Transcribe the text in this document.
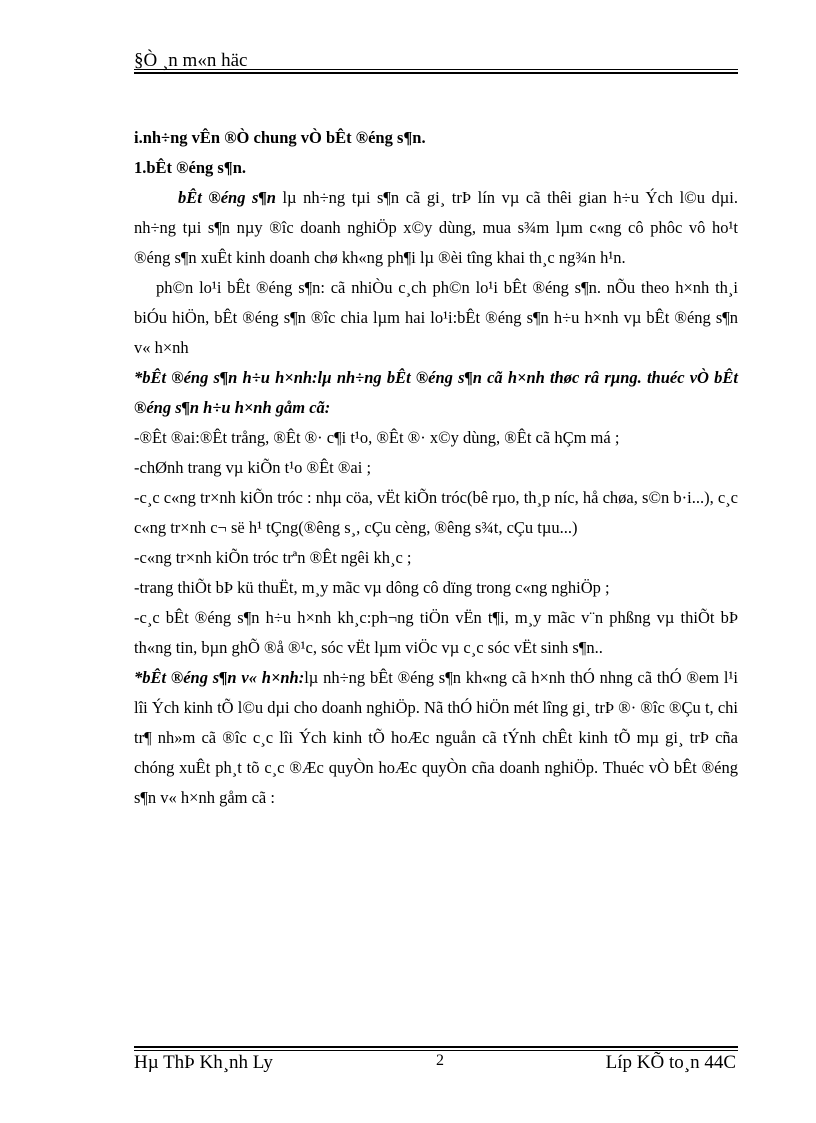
§Ò ¸n m«n häc

i.nh÷ng vÊn ®Ò chung vÒ bÊt ®éng s¶n.

1.bÊt ®éng s¶n.

bÊt ®éng s¶n lµ nh÷ng tµi s¶n cã gi¸ trÞ lín vµ cã thêi gian h÷u Ých l©u dµi. nh÷ng tµi s¶n nµy ®îc doanh nghiÖp x©y dùng, mua s¾m lµm c«ng cô phôc vô ho¹t ®éng s¶n xuÊt kinh doanh chø kh«ng ph¶i lµ ®èi tîng khai th¸c ng¾n h¹n.

ph©n lo¹i bÊt ®éng s¶n: cã nhiÒu c¸ch ph©n lo¹i bÊt ®éng s¶n. nÕu theo h×nh th¸i biÓu hiÖn, bÊt ®éng s¶n ®îc chia lµm hai lo¹i:bÊt ®éng s¶n h÷u h×nh vµ bÊt ®éng s¶n v« h×nh

*bÊt ®éng s¶n h÷u h×nh:lµ nh÷ng bÊt ®éng s¶n cã h×nh thøc râ rµng. thuéc vÒ bÊt ®éng s¶n h÷u h×nh gåm cã:

-®Êt ®ai:®Êt trång, ®Êt ®· c¶i t¹o, ®Êt ®· x©y dùng, ®Êt cã hÇm má ;

-chØnh trang vµ kiÕn t¹o ®Êt ®ai ;

-c¸c c«ng tr×nh kiÕn tróc : nhµ cöa, vËt kiÕn tróc(bê rµo, th¸p níc, hå chøa, s©n b·i...), c¸c c«ng tr×nh c¬ së h¹ tÇng(®êng s¸, cÇu cèng, ®êng s¾t, cÇu tµu...)

-c«ng tr×nh kiÕn tróc trªn ®Êt ngêi kh¸c ;

-trang thiÕt bÞ kü thuËt, m¸y mãc vµ dông cô dïng trong c«ng nghiÖp ;

-c¸c bÊt ®éng s¶n h÷u h×nh kh¸c:ph¬ng tiÖn vËn t¶i, m¸y mãc v¨n phßng vµ thiÕt bÞ th«ng tin, bµn ghÕ ®å ®¹c, sóc vËt lµm viÖc vµ c¸c sóc vËt sinh s¶n..

*bÊt ®éng s¶n v« h×nh:lµ nh÷ng bÊt ®éng s¶n kh«ng cã h×nh thÓ nhng cã thÓ ®em l¹i lîi Ých kinh tÕ l©u dµi cho doanh nghiÖp. Nã thÓ hiÖn mét lîng gi¸ trÞ ®· ®îc ®Çu t, chi tr¶ nh»m cã ®îc c¸c lîi Ých kinh tÕ hoÆc nguån cã tÝnh chÊt kinh tÕ mµ gi¸ trÞ cña chóng xuÊt ph¸t tõ c¸c ®Æc quyÒn hoÆc quyÒn cña doanh nghiÖp. Thuéc vÒ bÊt ®éng s¶n v« h×nh gåm cã :

Hµ ThÞ Kh¸nh Ly	2	Líp KÕ to¸n 44C
